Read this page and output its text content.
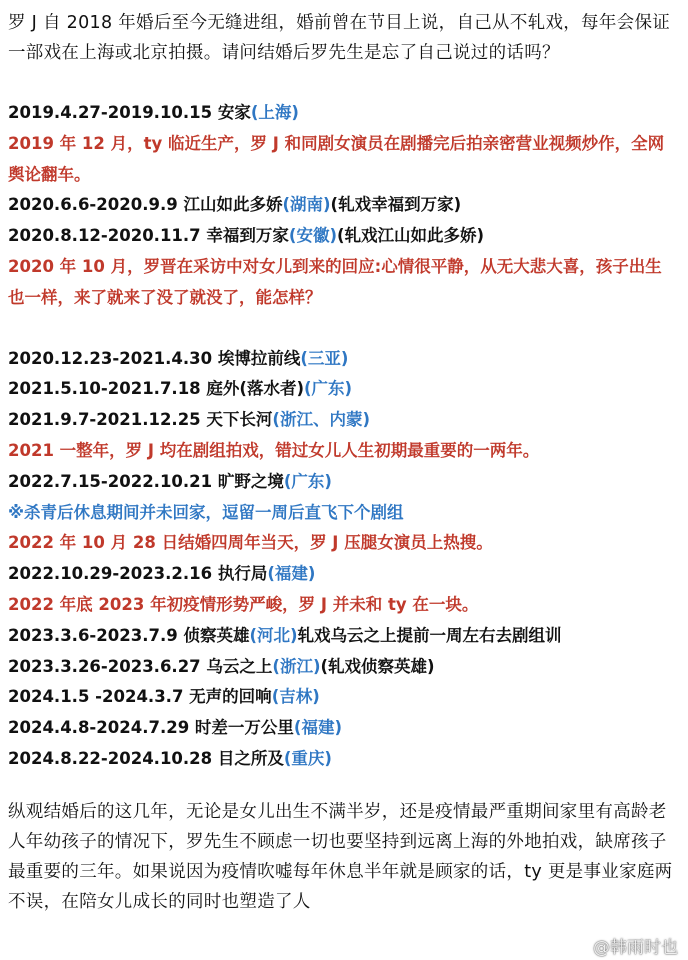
罗 J 自 2018 年婚后至今无缝进组，婚前曾在节目上说，自己从不轧戏，每年会保证一部戏在上海或北京拍摄。请问结婚后罗先生是忘了自己说过的话吗？

2019.4.27-2019.10.15 安家(上海)

2019 年 12 月，ty 临近生产，罗 J 和同剧女演员在剧播完后拍亲密营业视频炒作，全网舆论翻车。

2020.6.6-2020.9.9 江山如此多娇(湖南)(轧戏幸福到万家)

2020.8.12-2020.11.7 幸福到万家(安徽)(轧戏江山如此多娇)

2020 年 10 月，罗晋在采访中对女儿到来的回应:心情很平静，从无大悲大喜，孩子出生也一样，来了就来了没了就没了，能怎样？

2020.12.23-2021.4.30 埃博拉前线(三亚)

2021.5.10-2021.7.18 庭外(落水者)(广东)

2021.9.7-2021.12.25 天下长河(浙江、内蒙)

2021 一整年，罗 J 均在剧组拍戏，错过女儿人生初期最重要的一两年。

2022.7.15-2022.10.21 旷野之境(广东)

※杀青后休息期间并未回家，逗留一周后直飞下个剧组

2022 年 10 月 28 日结婚四周年当天，罗 J 压腿女演员上热搜。

2022.10.29-2023.2.16 执行局(福建)

2022 年底 2023 年初疫情形势严峻，罗 J 并未和 ty 在一块。

2023.3.6-2023.7.9 侦察英雄(河北)轧戏乌云之上提前一周左右去剧组训

2023.3.26-2023.6.27 乌云之上(浙江)(轧戏侦察英雄)

2024.1.5 -2024.3.7 无声的回响(吉林)

2024.4.8-2024.7.29 时差一万公里(福建)

2024.8.22-2024.10.28 目之所及(重庆)

纵观结婚后的这几年，无论是女儿出生不满半岁，还是疫情最严重期间家里有高龄老人年幼孩子的情况下，罗先生不顾虑一切也要坚持到远离上海的外地拍戏，缺席孩子最重要的三年。如果说因为疫情吹嘘每年休息半年就是顾家的话，ty 更是事业家庭两不误，在陪女儿成长的同时也塑造了人

@韩雨时也
